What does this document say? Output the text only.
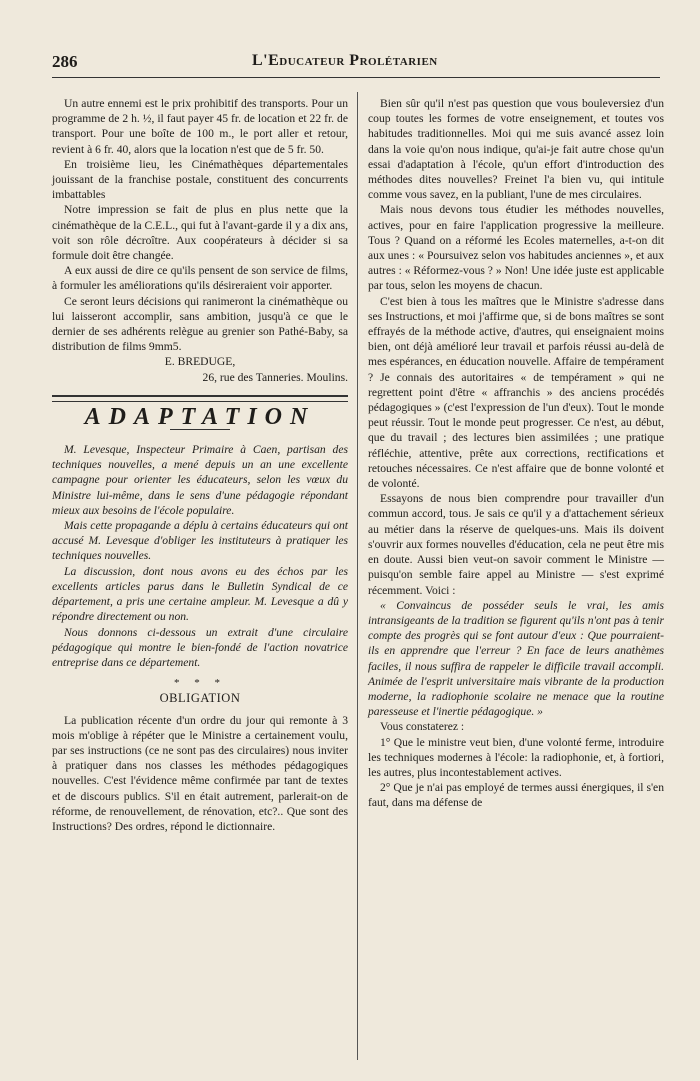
286	L'Educateur Prolétarien

Un autre ennemi est le prix prohibitif des transports. Pour un programme de 2 h. ½, il faut payer 45 fr. de location et 22 fr. de transport. Pour une boîte de 100 m., le port aller et retour, revient à 6 fr. 40, alors que la location n'est que de 5 fr. 50.

En troisième lieu, les Cinémathèques départementales jouissant de la franchise postale, constituent des concurrents imbattables

Notre impression se fait de plus en plus nette que la cinémathèque de la C.E.L., qui fut à l'avant-garde il y a dix ans, voit son rôle décroître. Aux coopérateurs à décider si sa formule doit être changée.

A eux aussi de dire ce qu'ils pensent de son service de films, à formuler les améliorations qu'ils désireraient voir apporter.

Ce seront leurs décisions qui ranimeront la cinémathèque ou lui laisseront accomplir, sans ambition, jusqu'à ce que le dernier de ses adhérents relègue au grenier son Pathé-Baby, sa distribution de films 9mm5.

E. BREDUGE,

26, rue des Tanneries. Moulins.

ADAPTATION

M. Levesque, Inspecteur Primaire à Caen, partisan des techniques nouvelles, a mené depuis un an une excellente campagne pour orienter les éducateurs, selon les vœux du Ministre lui-même, dans le sens d'une pédagogie répondant mieux aux besoins de l'école populaire.

Mais cette propagande a déplu à certains éducateurs qui ont accusé M. Levesque d'obliger les instituteurs à pratiquer les techniques nouvelles.

La discussion, dont nous avons eu des échos par les excellents articles parus dans le Bulletin Syndical de ce département, a pris une certaine ampleur. M. Levesque a dû y répondre directement ou non.

Nous donnons ci-dessous un extrait d'une circulaire pédagogique qui montre le bien-fondé de l'action novatrice entreprise dans ce département.

* * *
OBLIGATION

La publication récente d'un ordre du jour qui remonte à 3 mois m'oblige à répéter que le Ministre a certainement voulu, par ses instructions (ce ne sont pas des circulaires) nous inviter à pratiquer dans nos classes les méthodes pédagogiques nouvelles. C'est l'évidence même confirmée par tant de textes et de discours publics. S'il en était autrement, parlerait-on de réforme, de renouvellement, de rénovation, etc?.. Que sont des Instructions? Des ordres, répond le dictionnaire.

Bien sûr qu'il n'est pas question que vous bouleversiez d'un coup toutes les formes de votre enseignement, et toutes vos habitudes traditionnelles. Moi qui me suis avancé assez loin dans la voie qu'on nous indique, qu'ai-je fait autre chose qu'un essai d'adaptation à l'école, qu'un effort d'introduction des méthodes dites nouvelles? Freinet l'a bien vu, qui intitule comme vous savez, en la publiant, l'une de mes circulaires.

Mais nous devons tous étudier les méthodes nouvelles, actives, pour en faire l'application progressive la meilleure. Tous ? Quand on a réformé les Ecoles maternelles, a-t-on dit aux unes : « Poursuivez selon vos habitudes anciennes », et aux autres : « Réformez-vous ? » Non! Une idée juste est applicable par tous, selon les moyens de chacun.

C'est bien à tous les maîtres que le Ministre s'adresse dans ses Instructions, et moi j'affirme que, si de bons maîtres se sont effrayés de la méthode active, d'autres, qui enseignaient moins bien, ont déjà amélioré leur travail et parfois réussi au-delà de mes espérances, en éducation nouvelle. Affaire de tempérament ? Je connais des autoritaires « de tempérament » qui ne regrettent point d'être « affranchis » des anciens procédés pédagogiques » (c'est l'expression de l'un d'eux). Tout le monde peut réussir. Tout le monde peut progresser. Ce n'est, au début, que du travail ; des lectures bien assimilées ; une pratique réfléchie, attentive, prête aux corrections, rectifications et retouches nécessaires. Ce n'est affaire que de bonne volonté et de volonté.

Essayons de nous bien comprendre pour travailler d'un commun accord, tous. Je sais ce qu'il y a d'attachement sérieux au métier dans la réserve de quelques-uns. Mais ils doivent s'ouvrir aux formes nouvelles d'éducation, cela ne peut être mis en doute. Aussi bien veut-on savoir comment le Ministre — puisqu'on semble faire appel au Ministre — s'est exprimé récemment. Voici :

« Convaincus de posséder seuls le vrai, les amis intransigeants de la tradition se figurent qu'ils n'ont pas à tenir compte des progrès qui se font autour d'eux : Que pourraient-ils en apprendre que l'erreur ? En face de leurs anathèmes faciles, il nous suffira de rappeler le difficile travail accompli. Animée de l'esprit universitaire mais vibrante de la production moderne, la radiophonie scolaire ne menace que la routine paresseuse et l'inertie pédagogique. »

Vous constaterez :

1° Que le ministre veut bien, d'une volonté ferme, introduire les techniques modernes à l'école: la radiophonie, et, à fortiori, les autres, plus incontestablement actives.

2° Que je n'ai pas employé de termes aussi énergiques, il s'en faut, dans ma défense de
